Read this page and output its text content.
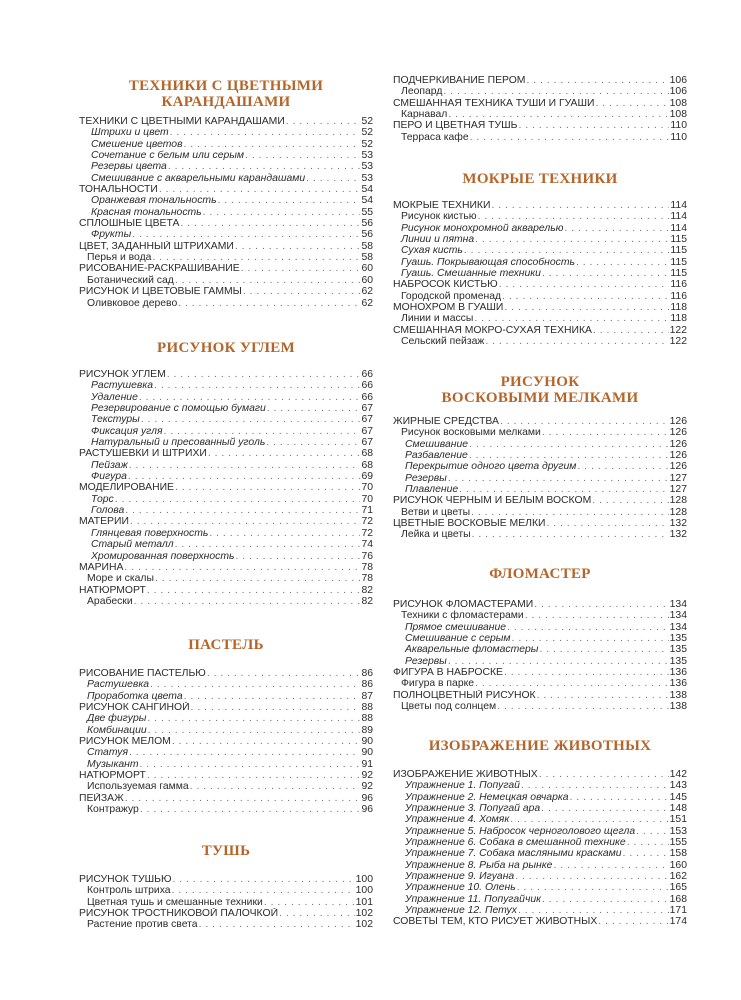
ТЕХНИКИ С ЦВЕТНЫМИ
КАРАНДАШАМИ
ТЕХНИКИ С ЦВЕТНЫМИ КАРАНДАШАМИ . . .	52
Штрихи и цвет . . .	52
Смешение цветов . . .	52
Сочетание с белым или серым . . .	53
Резервы цвета . . .	53
Смешивание с акварельными карандашами . . .	53
ТОНАЛЬНОСТИ . . .	54
Оранжевая тональность . . .	54
Красная тональность . . .	55
СПЛОШНЫЕ ЦВЕТА . . .	56
Фрукты . . .	56
ЦВЕТ, ЗАДАННЫЙ ШТРИХАМИ . . .	58
Перья и вода . . .	58
РИСОВАНИЕ-РАСКРАШИВАНИЕ . . .	60
Ботанический сад . . .	60
РИСУНОК И ЦВЕТОВЫЕ ГАММЫ . . .	62
Оливковое дерево . . .	62
РИСУНОК УГЛЕМ
РИСУНОК УГЛЕМ . . .	66
Растушевка . . .	66
Удаление . . .	66
Резервирование с помощью бумаги . . .	67
Текстуры . . .	67
Фиксация угля . . .	67
Натуральный и пресованный уголь . . .	67
РАСТУШЕВКИ И ШТРИХИ . . .	68
Пейзаж . . .	68
Фигура . . .	69
МОДЕЛИРОВАНИЕ . . .	70
Торс . . .	70
Голова . . .	71
МАТЕРИИ . . .	72
Глянцевая поверхность . . .	72
Старый металл . . .	74
Хромированная поверхность . . .	76
МАРИНА . . .	78
Море и скалы . . .	78
НАТЮРМОРТ . . .	82
Арабески . . .	82
ПАСТЕЛЬ
РИСОВАНИЕ ПАСТЕЛЬЮ . . .	86
Растушевка . . .	86
Проработка цвета . . .	87
РИСУНОК САНГИНОЙ . . .	88
Две фигуры . . .	88
Комбинации . . .	89
РИСУНОК МЕЛОМ . . .	90
Статуя . . .	90
Музыкант . . .	91
НАТЮРМОРТ . . .	92
Используемая гамма . . .	92
ПЕЙЗАЖ . . .	96
Контражур . . .	96
ТУШЬ
РИСУНОК ТУШЬЮ . . .	100
Контроль штриха . . .	100
Цветная тушь и смешанные техники . . .	101
РИСУНОК ТРОСТНИКОВОЙ ПАЛОЧКОЙ . . .	102
Растение против света . . .	102
ПОДЧЕРКИВАНИЕ ПЕРОМ . . .	106
Леопард . . .	106
СМЕШАННАЯ ТЕХНИКА ТУШИ И ГУАШИ . . .	108
Карнавал . . .	108
ПЕРО И ЦВЕТНАЯ ТУШЬ . . .	110
Терраса кафе . . .	110
МОКРЫЕ ТЕХНИКИ
МОКРЫЕ ТЕХНИКИ . . .	114
Рисунок кистью . . .	114
Рисунок монохромной акварелью . . .	114
Линии и пятна . . .	115
Сухая кисть . . .	115
Гуашь. Покрывающая способность . . .	115
Гуашь. Смешанные техники . . .	115
НАБРОСОК КИСТЬЮ . . .	116
Городской променад . . .	116
МОНОХРОМ В ГУАШИ . . .	118
Линии и массы . . .	118
СМЕШАННАЯ МОКРО-СУХАЯ ТЕХНИКА . . .	122
Сельский пейзаж . . .	122
РИСУНОК
ВОСКОВЫМИ МЕЛКАМИ
ЖИРНЫЕ СРЕДСТВА . . .	126
Рисунок восковыми мелками . . .	126
Смешивание . . .	126
Разбавление . . .	126
Перекрытие одного цвета другим . . .	126
Резервы . . .	127
Плавление . . .	127
РИСУНОК ЧЕРНЫМ И БЕЛЫМ ВОСКОМ . . .	128
Ветви и цветы . . .	128
ЦВЕТНЫЕ ВОСКОВЫЕ МЕЛКИ . . .	132
Лейка и цветы . . .	132
ФЛОМАСТЕР
РИСУНОК ФЛОМАСТЕРАМИ . . .	134
Техники с фломастерами . . .	134
Прямое смешивание . . .	134
Смешивание с серым . . .	135
Акварельные фломастеры . . .	135
Резервы . . .	135
ФИГУРА В НАБРОСКЕ . . .	136
Фигура в парке . . .	136
ПОЛНОЦВЕТНЫЙ РИСУНОК . . .	138
Цветы под солнцем . . .	138
ИЗОБРАЖЕНИЕ ЖИВОТНЫХ
ИЗОБРАЖЕНИЕ ЖИВОТНЫХ . . .	142
Упражнение 1. Попугай . . .	143
Упражнение 2. Немецкая овчарка . . .	145
Упражнение 3. Попугай ара . . .	148
Упражнение 4. Хомяк . . .	151
Упражнение 5. Набросок черноголового щегла . . .	153
Упражнение 6. Собака в смешанной технике . . .	155
Упражнение 7. Собака масляными красками . . .	158
Упражнение 8. Рыба на рынке . . .	160
Упражнение 9. Игуана . . .	162
Упражнение 10. Олень . . .	165
Упражнение 11. Попугайчик . . .	168
Упражнение 12. Петух . . .	171
СОВЕТЫ ТЕМ, КТО РИСУЕТ ЖИВОТНЫХ . . .	174
